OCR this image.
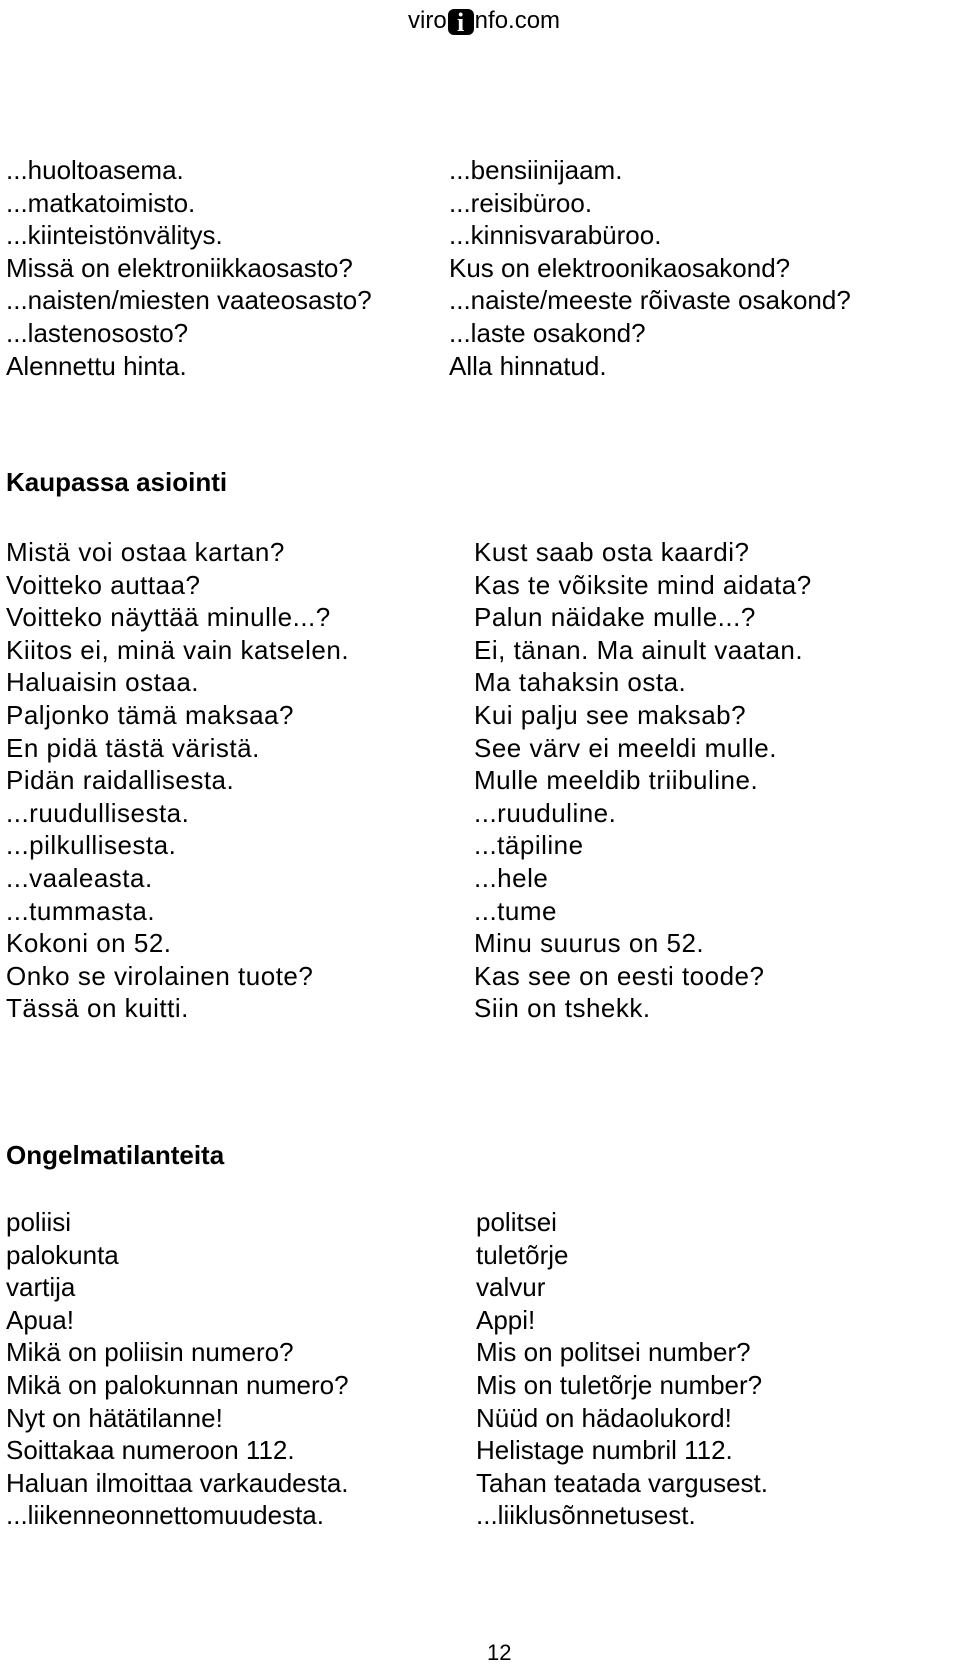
viro i nfo.com
...huoltoasema.
...matkatoimisto.
...kiinteistönvälitys.
Missä on elektroniikkaosasto?
...naisten/miesten vaateosasto?
...lastenososto?
Alennettu hinta.
...bensiinijaam.
...reisibüroo.
...kinnisvarabüroo.
Kus on elektroonikaosakond?
...naiste/meeste rõivaste osakond?
...laste osakond?
Alla hinnatud.
Kaupassa asiointi
Mistä voi ostaa kartan?
Voitteko auttaa?
Voitteko näyttää minulle...?
Kiitos ei, minä vain katselen.
Haluaisin ostaa.
Paljonko tämä maksaa?
En pidä tästä väristä.
Pidän raidallisesta.
...ruudullisesta.
...pilkullisesta.
...vaaleasta.
...tummasta.
Kokoni on 52.
Onko se virolainen tuote?
Tässä on kuitti.
Kust saab osta kaardi?
Kas te võiksite mind aidata?
Palun näidake mulle...?
Ei, tänan. Ma ainult vaatan.
Ma tahaksin osta.
Kui palju see maksab?
See värv ei meeldi mulle.
Mulle meeldib triibuline.
...ruuduline.
...täpiline
...hele
...tume
Minu suurus on 52.
Kas see on eesti toode?
Siin on tshekk.
Ongelmatilanteita
poliisi
palokunta
vartija
Apua!
Mikä on poliisin numero?
Mikä on palokunnan numero?
Nyt on hätätilanne!
Soittakaa numeroon 112.
Haluan ilmoittaa varkaudesta.
...liikenneonnettomuudesta.
politsei
tuletõrje
valvur
Appi!
Mis on politsei number?
Mis on tuletõrje number?
Nüüd on hädaolukord!
Helistage numbril 112.
Tahan teatada vargusest.
...liiklusõnnetusest.
12
